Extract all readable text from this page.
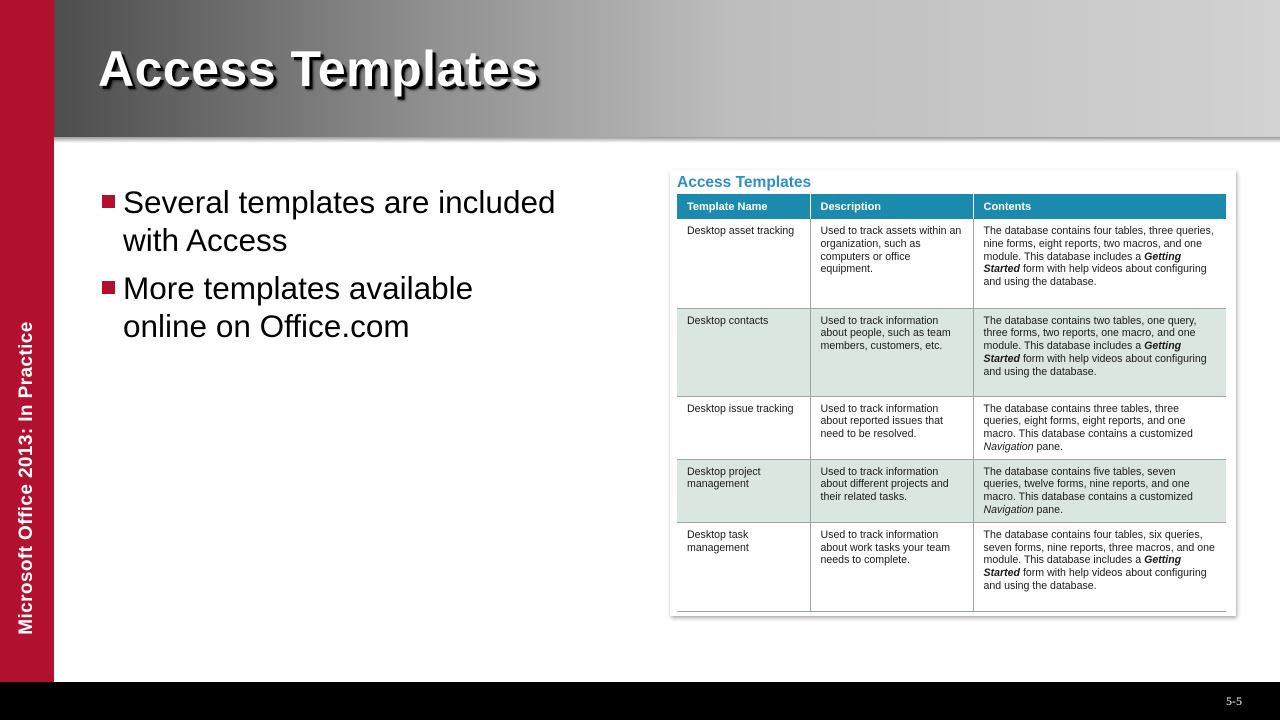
Microsoft Office 2013: In Practice
Access Templates
Several templates are included with Access
More templates available online on Office.com
Access Templates
Template Name	Description	Contents
Desktop asset tracking	Used to track assets within an organization, such as computers or office equipment.	The database contains four tables, three queries, nine forms, eight reports, two macros, and one module. This database includes a Getting Started form with help videos about configuring and using the database.
Desktop contacts	Used to track information about people, such as team members, customers, etc.	The database contains two tables, one query, three forms, two reports, one macro, and one module. This database includes a Getting Started form with help videos about configuring and using the database.
Desktop issue tracking	Used to track information about reported issues that need to be resolved.	The database contains three tables, three queries, eight forms, eight reports, and one macro. This database contains a customized Navigation pane.
Desktop project management	Used to track information about different projects and their related tasks.	The database contains five tables, seven queries, twelve forms, nine reports, and one macro. This database contains a customized Navigation pane.
Desktop task management	Used to track information about work tasks your team needs to complete.	The database contains four tables, six queries, seven forms, nine reports, three macros, and one module. This database includes a Getting Started form with help videos about configuring and using the database.
5-5
